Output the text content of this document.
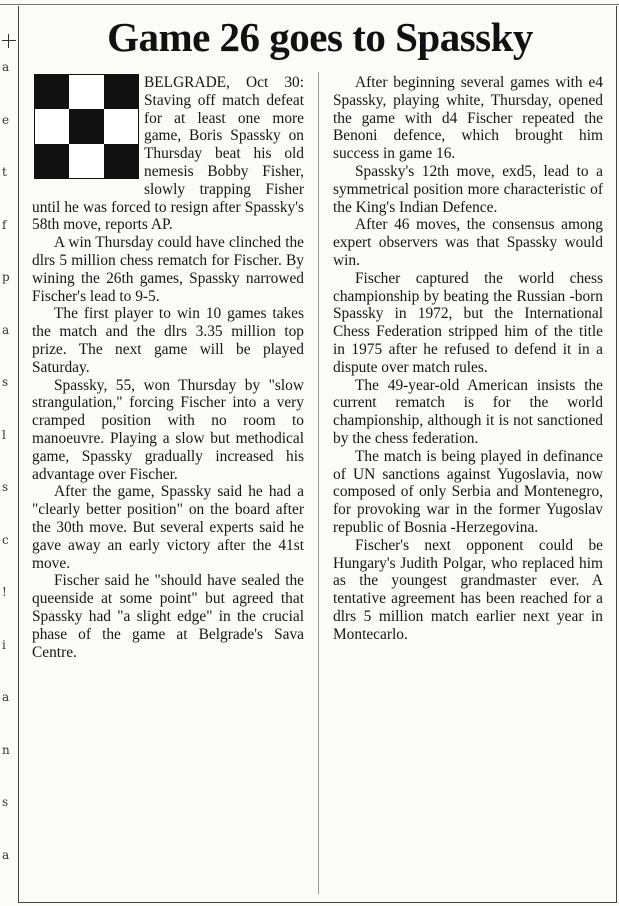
a
e
t
f
p
a
s
l
s
c
!
i
a
n
s
a
Game 26 goes to Spassky

BELGRADE, Oct 30: Staving off match defeat for at least one more game, Boris Spassky on Thursday beat his old nemesis Bobby Fisher, slowly trapping Fisher until he was forced to resign after Spassky's 58th move, reports AP.

A win Thursday could have clinched the dlrs 5 million chess rematch for Fischer. By wining the 26th games, Spassky narrowed Fischer's lead to 9-5.

The first player to win 10 games takes the match and the dlrs 3.35 million top prize. The next game will be played Saturday.

Spassky, 55, won Thursday by "slow strangulation," forcing Fischer into a very cramped position with no room to manoeuvre. Playing a slow but methodical game, Spassky gradually increased his advantage over Fischer.

After the game, Spassky said he had a "clearly better position" on the board after the 30th move. But several experts said he gave away an early victory after the 41st move.

Fischer said he "should have sealed the queenside at some point" but agreed that Spassky had "a slight edge" in the crucial phase of the game at Belgrade's Sava Centre.

After beginning several games with e4 Spassky, playing white, Thursday, opened the game with d4 Fischer repeated the Benoni defence, which brought him success in game 16.

Spassky's 12th move, exd5, lead to a symmetrical position more characteristic of the King's Indian Defence.

After 46 moves, the consensus among expert observers was that Spassky would win.

Fischer captured the world chess championship by beating the Russian -born Spassky in 1972, but the International Chess Federation stripped him of the title in 1975 after he refused to defend it in a dispute over match rules.

The 49-year-old American insists the current rematch is for the world championship, although it is not sanctioned by the chess federation.

The match is being played in definance of UN sanctions against Yugoslavia, now composed of only Serbia and Montenegro, for provoking war in the former Yugoslav republic of Bosnia -Herzegovina.

Fischer's next opponent could be Hungary's Judith Polgar, who replaced him as the youngest grandmaster ever. A tentative agreement has been reached for a dlrs 5 million match earlier next year in Montecarlo.
